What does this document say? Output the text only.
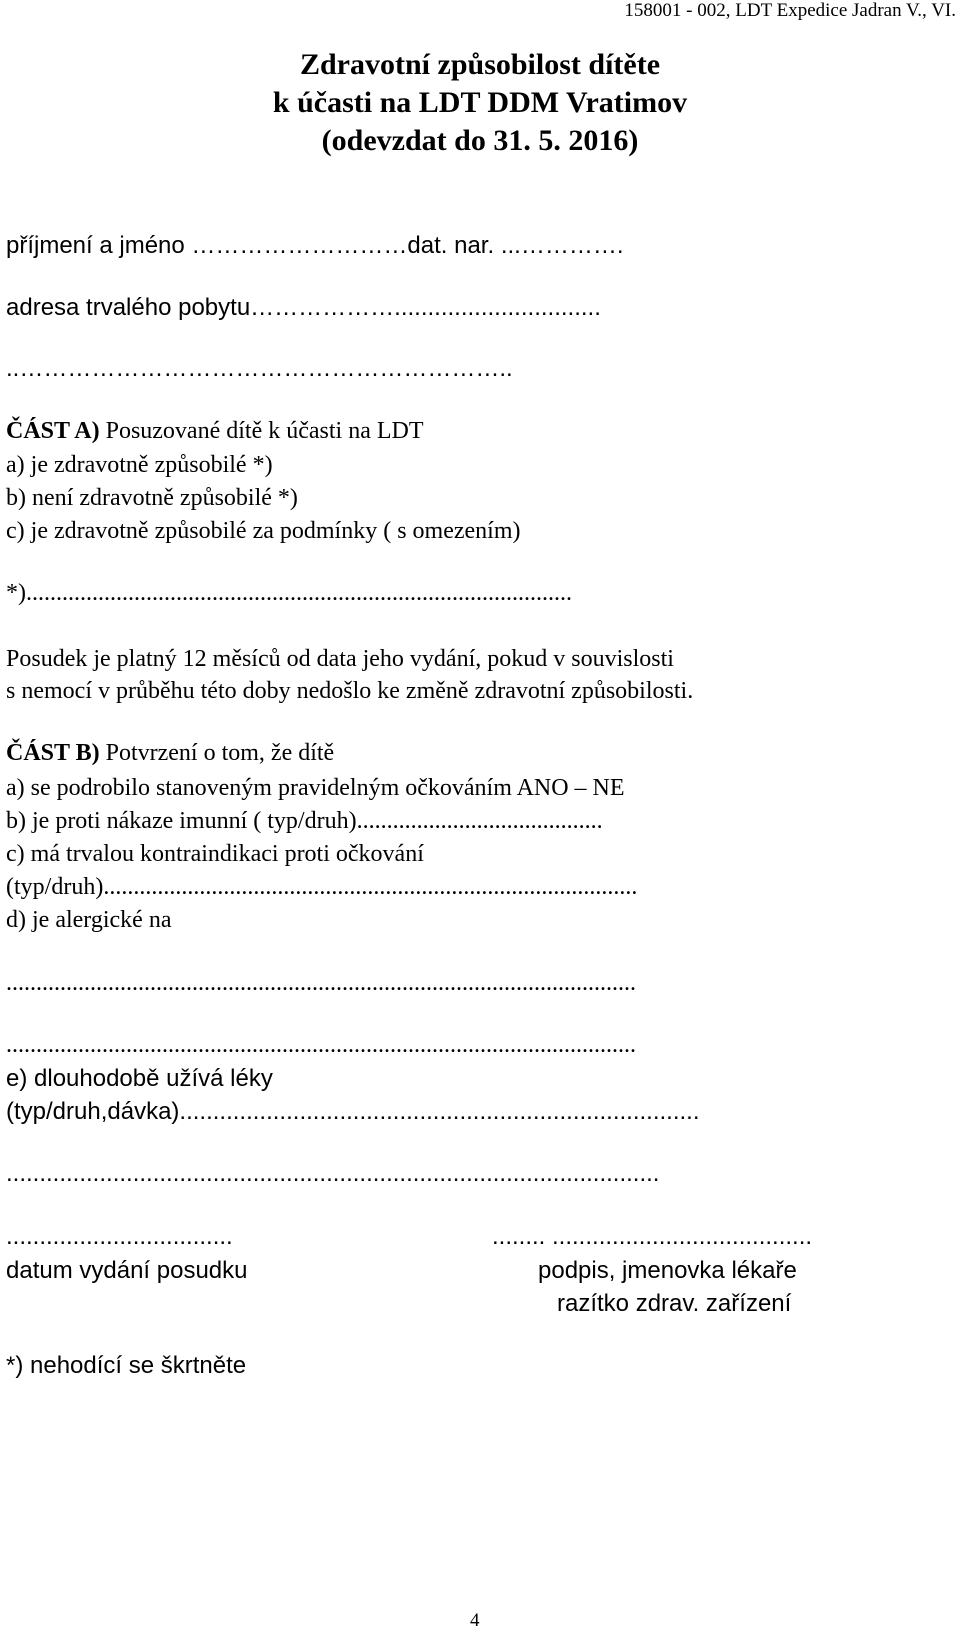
158001 - 002, LDT Expedice Jadran V., VI.

Zdravotní způsobilost dítěte

k účasti na LDT DDM Vratimov

(odevzdat do 31. 5. 2016)

příjmení a jméno ………………………dat. nar. ...………….

adresa trvalého pobytu………………...............................

..……………………………………………………..

ČÁST A) Posuzované dítě k účasti na LDT

a) je zdravotně způsobilé *)

b) není zdravotně způsobilé *)

c) je zdravotně způsobilé za podmínky ( s omezením)

*)...........................................................................................

Posudek je platný 12 měsíců od data jeho vydání, pokud v souvislosti

s nemocí v průběhu této doby nedošlo ke změně zdravotní způsobilosti.

ČÁST B) Potvrzení o tom, že dítě

a) se podrobilo stanoveným pravidelným očkováním ANO – NE

b) je proti nákaze imunní ( typ/druh).........................................

c) má trvalou kontraindikaci proti očkování

(typ/druh).........................................................................................

d) je alergické na

.........................................................................................................

.........................................................................................................

e) dlouhodobě užívá léky

(typ/druh,dávka)..............................................................................

..................................................................................................

..................................	........ .......................................

datum vydání posudku	podpis, jmenovka lékaře

razítko zdrav. zařízení

*) nehodící se škrtněte

4
